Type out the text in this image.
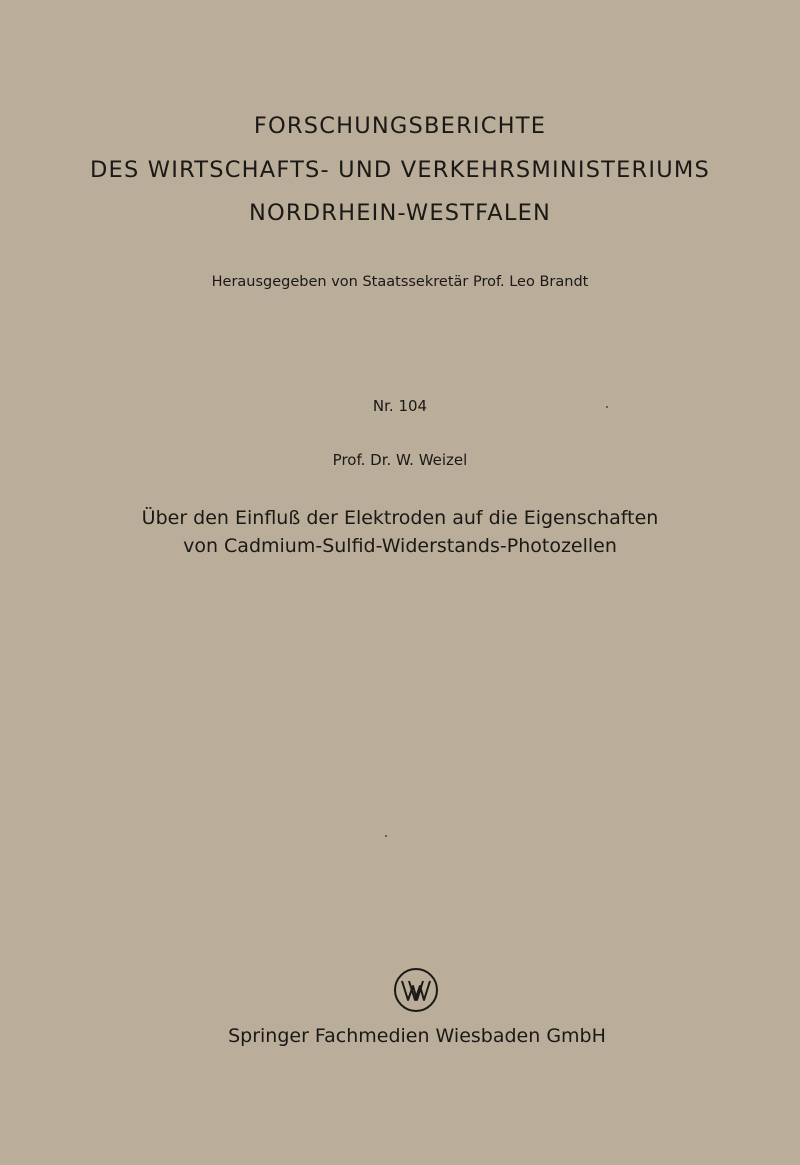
FORSCHUNGSBERICHTE
DES WIRTSCHAFTS- UND VERKEHRSMINISTERIUMS
NORDRHEIN-WESTFALEN
Herausgegeben von Staatssekretär Prof. Leo Brandt
Nr. 104
Prof. Dr. W. Weizel
Über den Einfluß der Elektroden auf die Eigenschaften
von Cadmium-Sulfid-Widerstands-Photozellen
Springer Fachmedien Wiesbaden GmbH
